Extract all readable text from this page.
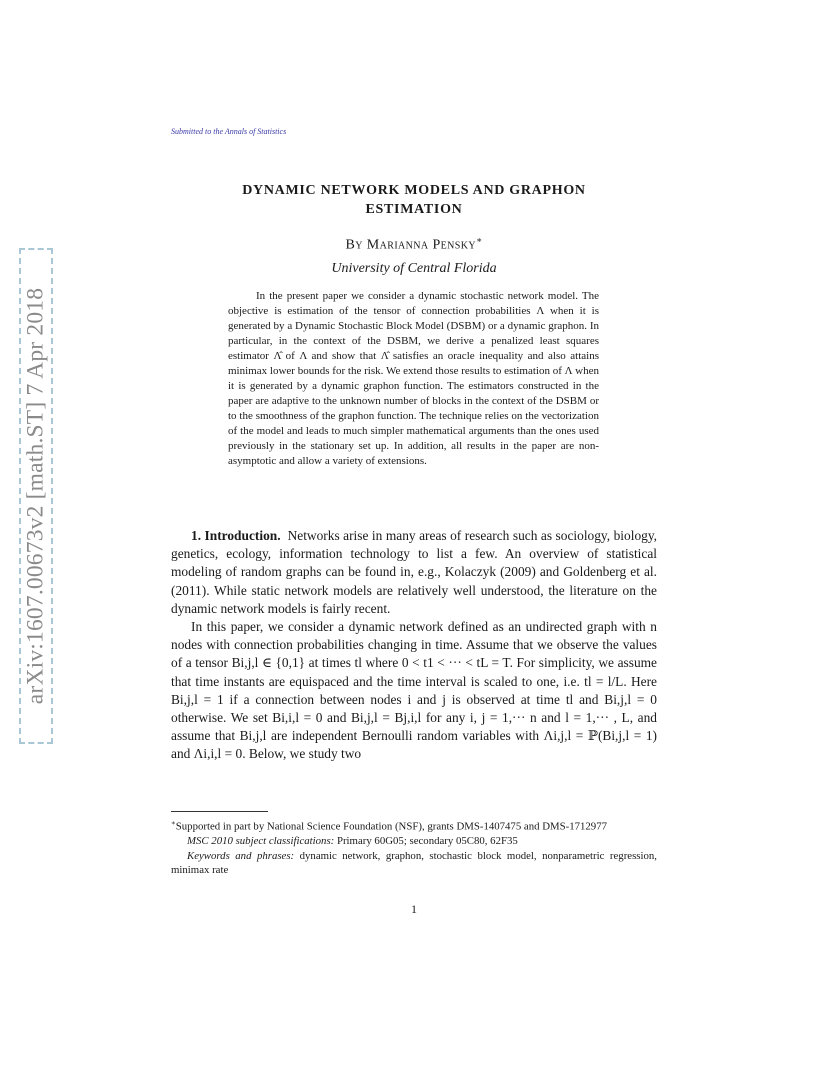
arXiv:1607.00673v2 [math.ST] 7 Apr 2018
Submitted to the Annals of Statistics
DYNAMIC NETWORK MODELS AND GRAPHON
ESTIMATION
By Marianna Pensky∗
University of Central Florida

In the present paper we consider a dynamic stochastic network model. The objective is estimation of the tensor of connection probabilities Λ when it is generated by a Dynamic Stochastic Block Model (DSBM) or a dynamic graphon. In particular, in the context of the DSBM, we derive a penalized least squares estimator Λ̂ of Λ and show that Λ̂ satisfies an oracle inequality and also attains minimax lower bounds for the risk. We extend those results to estimation of Λ when it is generated by a dynamic graphon function. The estimators constructed in the paper are adaptive to the unknown number of blocks in the context of the DSBM or to the smoothness of the graphon function. The technique relies on the vectorization of the model and leads to much simpler mathematical arguments than the ones used previously in the stationary set up. In addition, all results in the paper are non-asymptotic and allow a variety of extensions.

1. Introduction. Networks arise in many areas of research such as sociology, biology, genetics, ecology, information technology to list a few. An overview of statistical modeling of random graphs can be found in, e.g., Kolaczyk (2009) and Goldenberg et al. (2011). While static network models are relatively well understood, the literature on the dynamic network models is fairly recent.

In this paper, we consider a dynamic network defined as an undirected graph with n nodes with connection probabilities changing in time. Assume that we observe the values of a tensor Bi,j,l ∈ {0,1} at times tl where 0 < t1 < ··· < tL = T. For simplicity, we assume that time instants are equispaced and the time interval is scaled to one, i.e. tl = l/L. Here Bi,j,l = 1 if a connection between nodes i and j is observed at time tl and Bi,j,l = 0 otherwise. We set Bi,i,l = 0 and Bi,j,l = Bj,i,l for any i, j = 1,··· n and l = 1,··· , L, and assume that Bi,j,l are independent Bernoulli random variables with Λi,j,l = ℙ(Bi,j,l = 1) and Λi,i,l = 0. Below, we study two

∗Supported in part by National Science Foundation (NSF), grants DMS-1407475 and DMS-1712977

MSC 2010 subject classifications: Primary 60G05; secondary 05C80, 62F35

Keywords and phrases: dynamic network, graphon, stochastic block model, nonparametric regression, minimax rate

1
